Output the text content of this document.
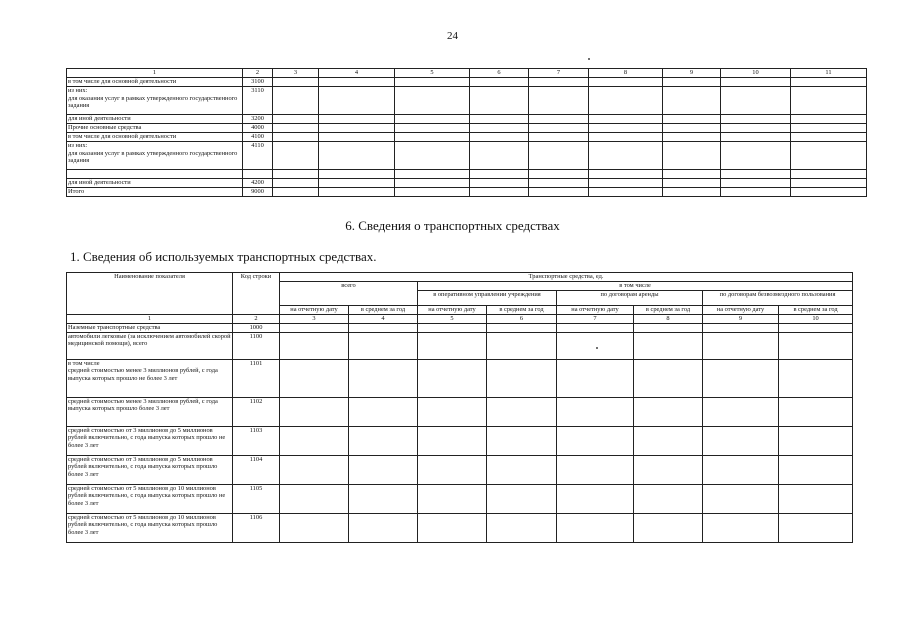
24
1	2	3	4	5	6	7	8	9	10	11
в том числе для основной деятельности	3100									
из них:
для оказания услуг в рамках утвержденного государственного задания	3110									
для иной деятельности	3200									
Прочие основные средства	4000									
в том числе для основной деятельности	4100									
из них:
для оказания услуг в рамках утвержденного государственного задания	4110									

для иной деятельности	4200									
Итого	9000									
6. Сведения о транспортных средствах
1. Сведения об используемых транспортных средствах.
Наименование показателя	Код строки	Транспортные средства, ед.							
		всего		в том числе					
				в оперативном управлении учреждения		по договорам аренды		по договорам безвозмездного пользования	
		на отчетную дату	в среднем за год	на отчетную дату	в среднем за год	на отчетную дату	в среднем за год	на отчетную дату	в среднем за год
1	2	3	4	5	6	7	8	9	10
Наземные транспортные средства	1000								
автомобили легковые (за исключением автомобилей скорой медицинской помощи), всего	1100								
в том числе
средней стоимостью менее 3 миллионов рублей, с года выпуска которых прошло не более 3 лет	1101								
средней стоимостью менее 3 миллионов рублей, с года выпуска которых прошло более 3 лет	1102								
средней стоимостью от 3 миллионов до 5 миллионов рублей включительно, с года выпуска которых прошло не более 3 лет	1103								
средней стоимостью от 3 миллионов до 5 миллионов рублей включительно, с года выпуска которых прошло более 3 лет	1104								
средней стоимостью от 5 миллионов до 10 миллионов рублей включительно, с года выпуска которых прошло не более 3 лет	1105								
средней стоимостью от 5 миллионов до 10 миллионов рублей включительно, с года выпуска которых прошло более 3 лет	1106								
